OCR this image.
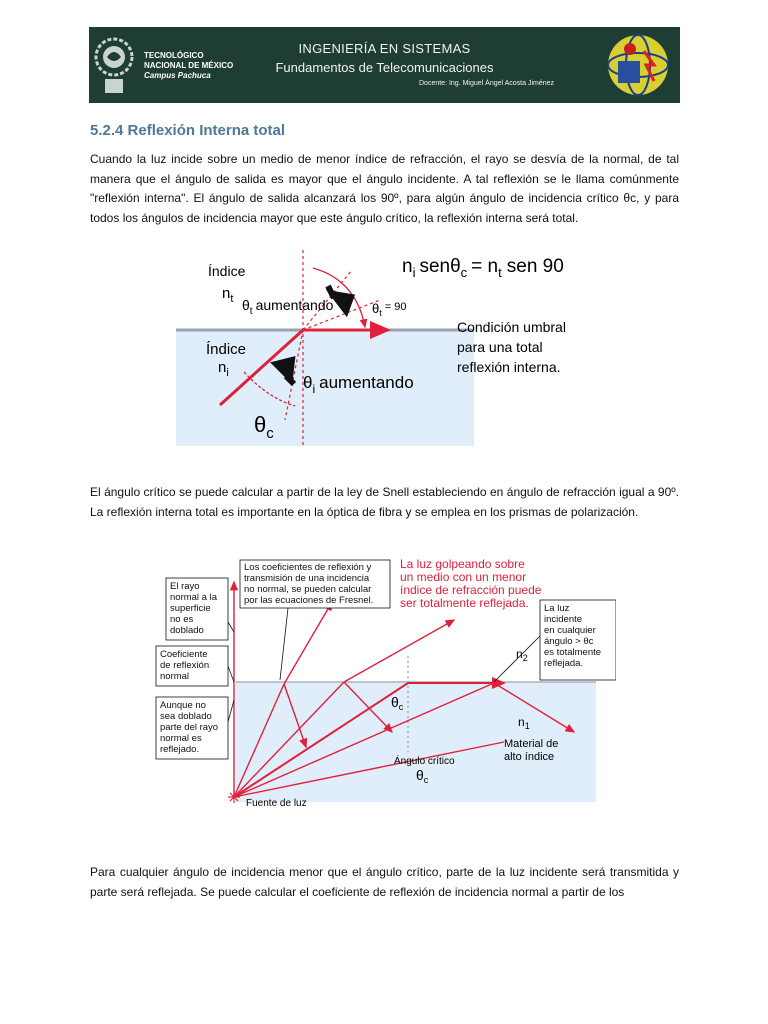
TECNOLÓGICO
NACIONAL DE MÉXICO
Campus Pachuca
INGENIERÍA EN SISTEMAS
Fundamentos de Telecomunicaciones
Docente: Ing. Miguel Ángel Acosta Jiménez
5.2.4 Reflexión Interna total

Cuando la luz incide sobre un medio de menor índice de refracción, el rayo se desvía de la normal, de tal manera que el ángulo de salida es mayor que el ángulo incidente. A tal reflexión se le llama comúnmente "reflexión interna". El ángulo de salida alcanzará los 90º, para algún ángulo de incidencia crítico θc, y para todos los ángulos de incidencia mayor que este ángulo crítico, la reflexión interna será total.

Índice
$n_t$ $\theta_t$ aumentando	$\theta_t$ $^{= 90}$
$n_i$ $sen\theta_c = n_t$ sen 90
Condición umbral
para una total
reflexión interna.
Índice
$n_i$	$\theta_i$ aumentando
$\theta_c$

El ángulo crítico se puede calcular a partir de la ley de Snell estableciendo en ángulo de refracción igual a 90º. La reflexión interna total es importante en la óptica de fibra y se emplea en los prismas de polarización.

Los coeficientes de reflexión y
transmisión de una incidencia
no normal, se pueden calcular
por las ecuaciones de Fresnel.
La luz golpeando sobre
un medio con un menor
índice de refracción puede
ser totalmente reflejada.
El rayo
normal a la
superficie
no es
doblado
Coeficiente
de reflexión
normal
Aunque no
sea doblado
parte del rayo
normal es
reflejado.
La luz
incidente
en cualquier
ángulo > θc
es totalmente
reflejada.
$n_2$
$n_1$
$\theta_c$
Ángulo crítico
$\theta_c$
Material de
alto índice
Fuente de luz

Para cualquier ángulo de incidencia menor que el ángulo crítico, parte de la luz incidente será transmitida y parte será reflejada. Se puede calcular el coeficiente de reflexión de incidencia normal a partir de los
